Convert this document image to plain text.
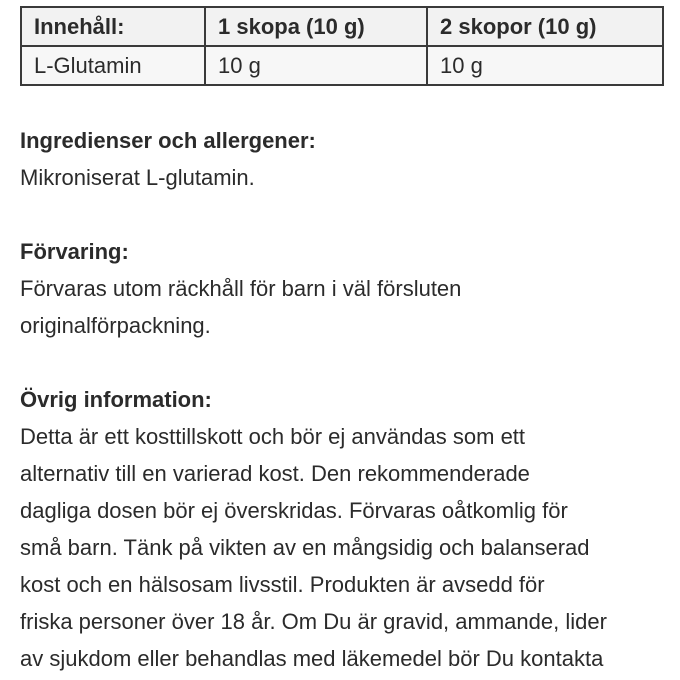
Innehåll:	1 skopa (10 g)	2 skopor (10 g)
L-Glutamin	10 g	10 g

Ingredienser och allergener:

Mikroniserat L-glutamin.

Förvaring:

Förvaras utom räckhåll för barn i väl försluten
originalförpackning.

Övrig information:

Detta är ett kosttillskott och bör ej användas som ett
alternativ till en varierad kost. Den rekommenderade
dagliga dosen bör ej överskridas. Förvaras oåtkomlig för
små barn. Tänk på vikten av en mångsidig och balanserad
kost och en hälsosam livsstil. Produkten är avsedd för
friska personer över 18 år. Om Du är gravid, ammande, lider
av sjukdom eller behandlas med läkemedel bör Du kontakta
